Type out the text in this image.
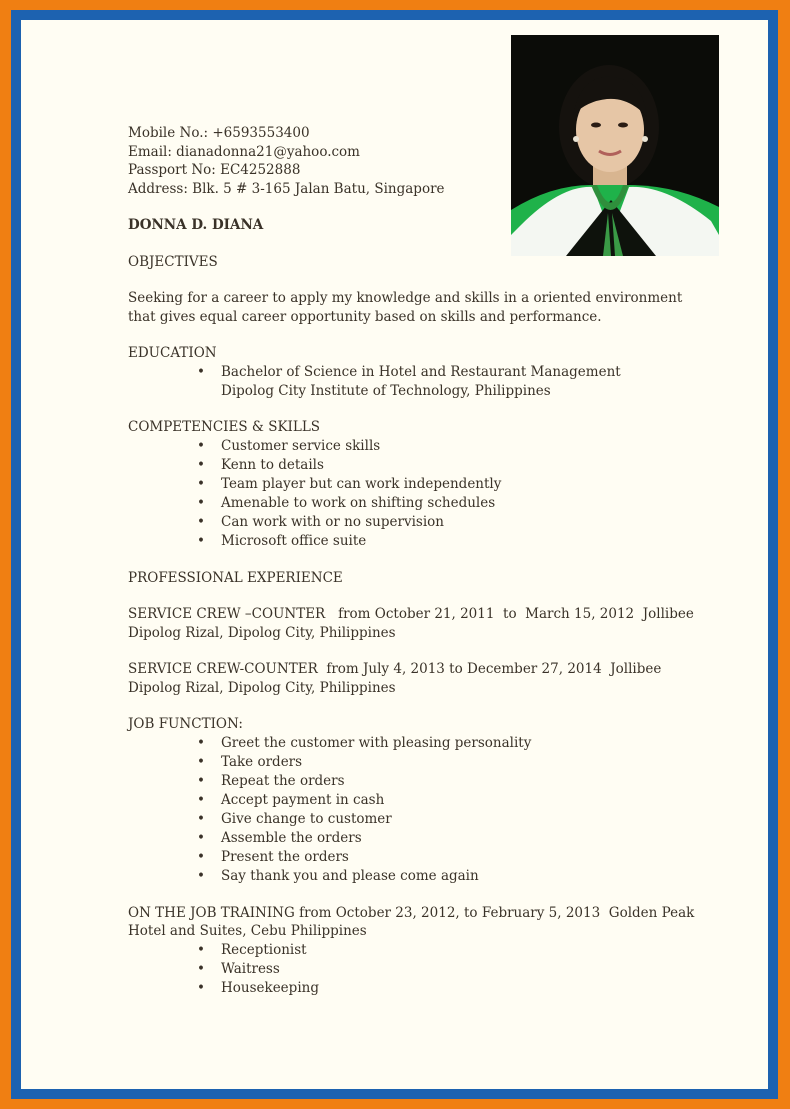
Mobile No.: +6593553400
Email: dianadonna21@yahoo.com
Passport No: EC4252888
Address: Blk. 5 # 3-165 Jalan Batu, Singapore
DONNA D. DIANA
OBJECTIVES
Seeking for a career to apply my knowledge and skills in a oriented environment
that gives equal career opportunity based on skills and performance.
EDUCATION
• Bachelor of Science in Hotel and Restaurant Management
Dipolog City Institute of Technology, Philippines
COMPETENCIES & SKILLS
• Customer service skills
• Kenn to details
• Team player but can work independently
• Amenable to work on shifting schedules
• Can work with or no supervision
• Microsoft office suite
PROFESSIONAL EXPERIENCE
SERVICE CREW –COUNTER   from October 21, 2011  to  March 15, 2012  Jollibee
Dipolog Rizal, Dipolog City, Philippines
SERVICE CREW-COUNTER  from July 4, 2013 to December 27, 2014  Jollibee
Dipolog Rizal, Dipolog City, Philippines
JOB FUNCTION:
• Greet the customer with pleasing personality
• Take orders
• Repeat the orders
• Accept payment in cash
• Give change to customer
• Assemble the orders
• Present the orders
• Say thank you and please come again
ON THE JOB TRAINING from October 23, 2012, to February 5, 2013  Golden Peak
Hotel and Suites, Cebu Philippines
• Receptionist
• Waitress
• Housekeeping
